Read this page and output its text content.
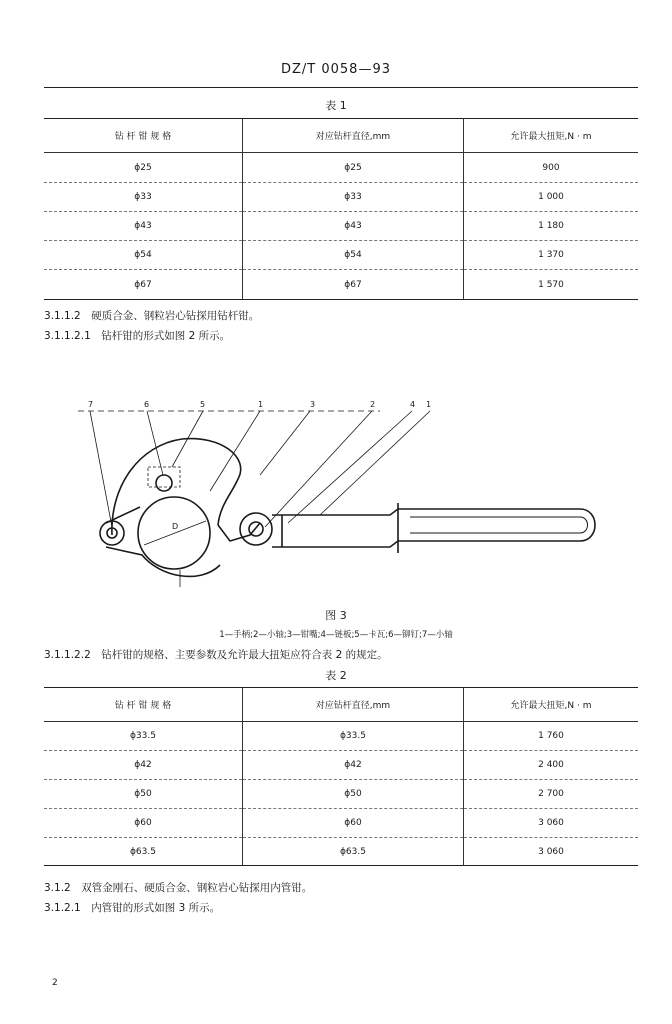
DZ/T 0058—93
表 1
钻 杆 钳 规 格	对应钻杆直径,mm	允许最大扭矩,N · m
ϕ25	ϕ25	900
ϕ33	ϕ33	1 000
ϕ43	ϕ43	1 180
ϕ54	ϕ54	1 370
ϕ67	ϕ67	1 570
3.1.1.2　硬质合金、钢粒岩心钻探用钻杆钳。
3.1.1.2.1　钻杆钳的形式如图 2 所示。
7	6	5	1	3	2	4 1
D
图 3
1—手柄;2—小轴;3—钳嘴;4—链板;5—卡瓦;6—铆钉;7—小轴
3.1.1.2.2　钻杆钳的规格、主要参数及允许最大扭矩应符合表 2 的规定。
表 2
钻 杆 钳 规 格	对应钻杆直径,mm	允许最大扭矩,N · m
ϕ33.5	ϕ33.5	1 760
ϕ42	ϕ42	2 400
ϕ50	ϕ50	2 700
ϕ60	ϕ60	3 060
ϕ63.5	ϕ63.5	3 060
3.1.2　双管金刚石、硬质合金、钢粒岩心钻探用内管钳。
3.1.2.1　内管钳的形式如图 3 所示。
2
